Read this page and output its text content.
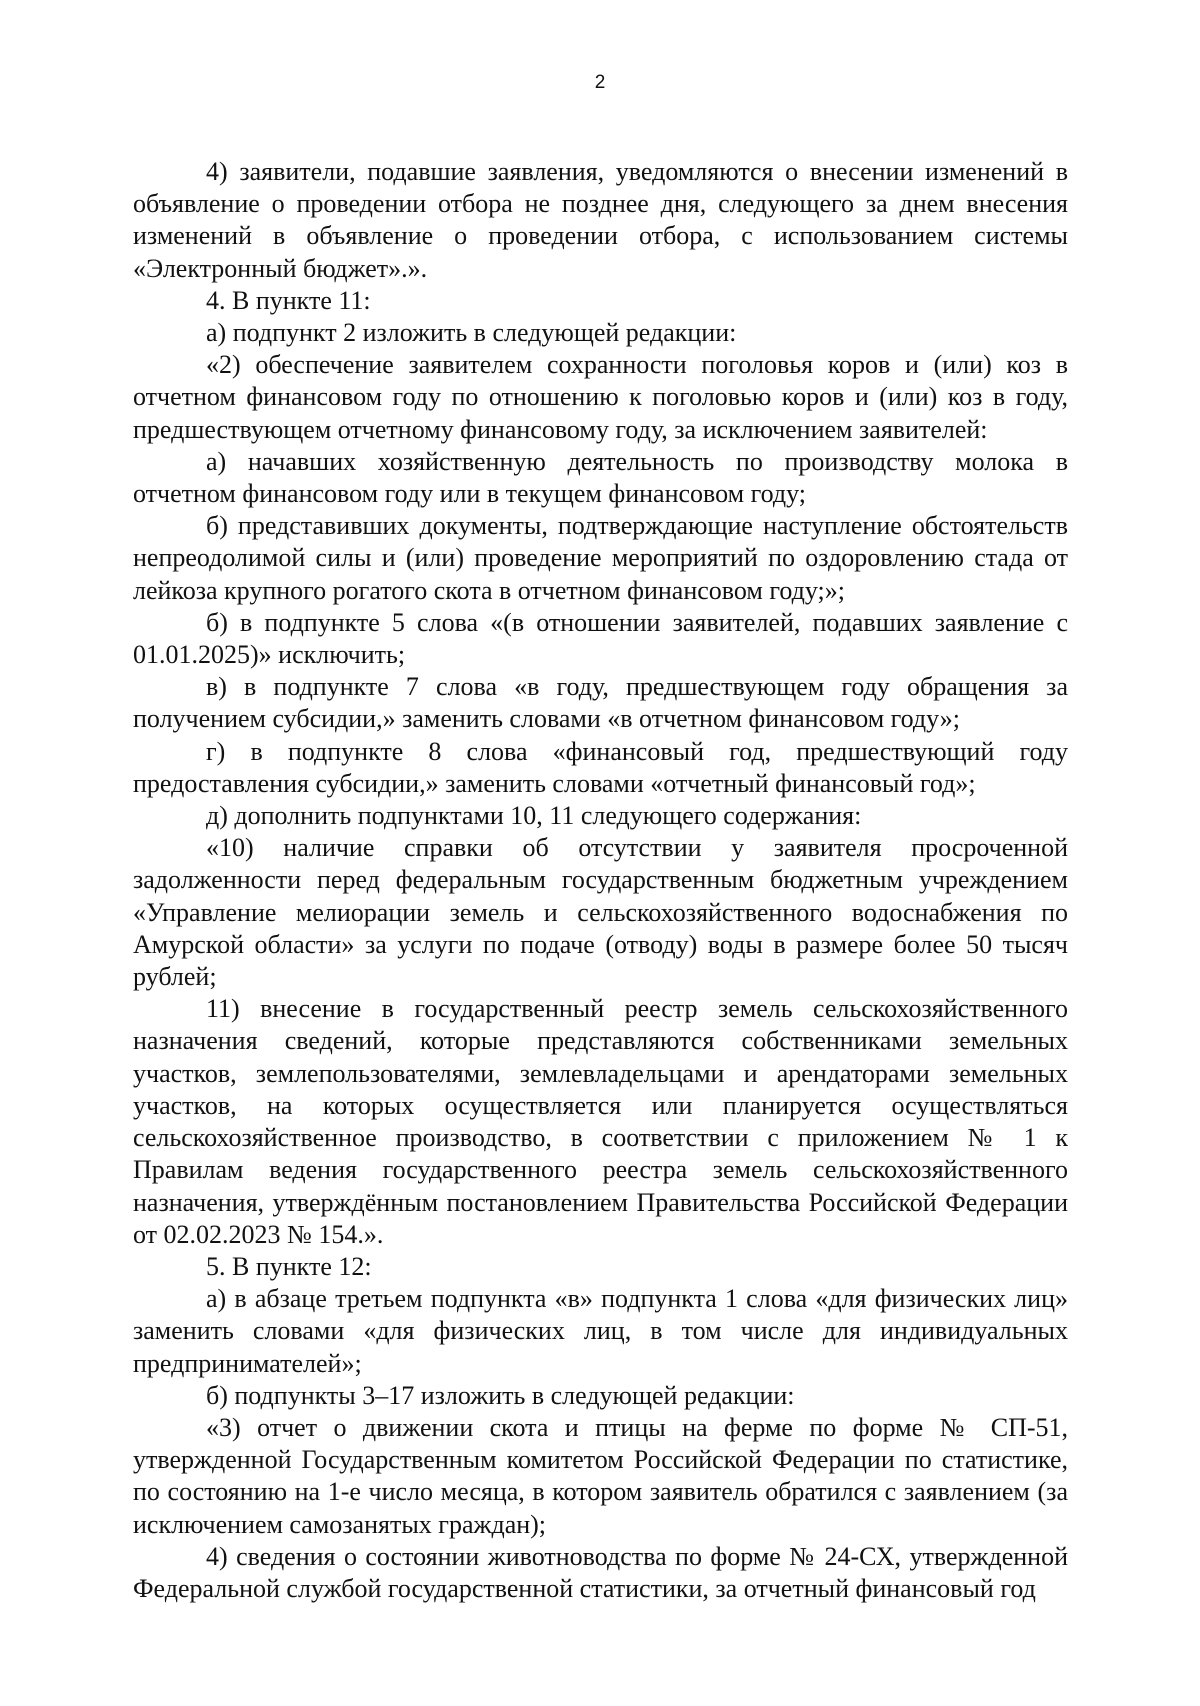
2

4) заявители, подавшие заявления, уведомляются о внесении изменений в объявление о проведении отбора не позднее дня, следующего за днем внесения изменений в объявление о проведении отбора, с использованием системы «Электронный бюджет».».

4. В пункте 11:

а) подпункт 2 изложить в следующей редакции:

«2) обеспечение заявителем сохранности поголовья коров и (или) коз в отчетном финансовом году по отношению к поголовью коров и (или) коз в году, предшествующем отчетному финансовому году, за исключением заявителей:

а) начавших хозяйственную деятельность по производству молока в отчетном финансовом году или в текущем финансовом году;

б) представивших документы, подтверждающие наступление обстоятельств непреодолимой силы и (или) проведение мероприятий по оздоровлению стада от лейкоза крупного рогатого скота в отчетном финансовом году;»;

б) в подпункте 5 слова «(в отношении заявителей, подавших заявление с 01.01.2025)» исключить;

в) в подпункте 7 слова «в году, предшествующем году обращения за получением субсидии,» заменить словами «в отчетном финансовом году»;

г) в подпункте 8 слова «финансовый год, предшествующий году предоставления субсидии,» заменить словами «отчетный финансовый год»;

д) дополнить подпунктами 10, 11 следующего содержания:

«10) наличие справки об отсутствии у заявителя просроченной задолженности перед федеральным государственным бюджетным учреждением «Управление мелиорации земель и сельскохозяйственного водоснабжения по Амурской области» за услуги по подаче (отводу) воды в размере более 50 тысяч рублей;

11) внесение в государственный реестр земель сельскохозяйственного назначения сведений, которые представляются собственниками земельных участков, землепользователями, землевладельцами и арендаторами земельных участков, на которых осуществляется или планируется осуществляться сельскохозяйственное производство, в соответствии с приложением № 1 к Правилам ведения государственного реестра земель сельскохозяйственного назначения, утверждённым постановлением Правительства Российской Федерации от 02.02.2023 № 154.».

5. В пункте 12:

а) в абзаце третьем подпункта «в» подпункта 1 слова «для физических лиц» заменить словами «для физических лиц, в том числе для индивидуальных предпринимателей»;

б) подпункты 3–17 изложить в следующей редакции:

«3) отчет о движении скота и птицы на ферме по форме № СП-51, утвержденной Государственным комитетом Российской Федерации по статистике, по состоянию на 1-е число месяца, в котором заявитель обратился с заявлением (за исключением самозанятых граждан);

4) сведения о состоянии животноводства по форме № 24-СХ, утвержденной Федеральной службой государственной статистики, за отчетный финансовый год
